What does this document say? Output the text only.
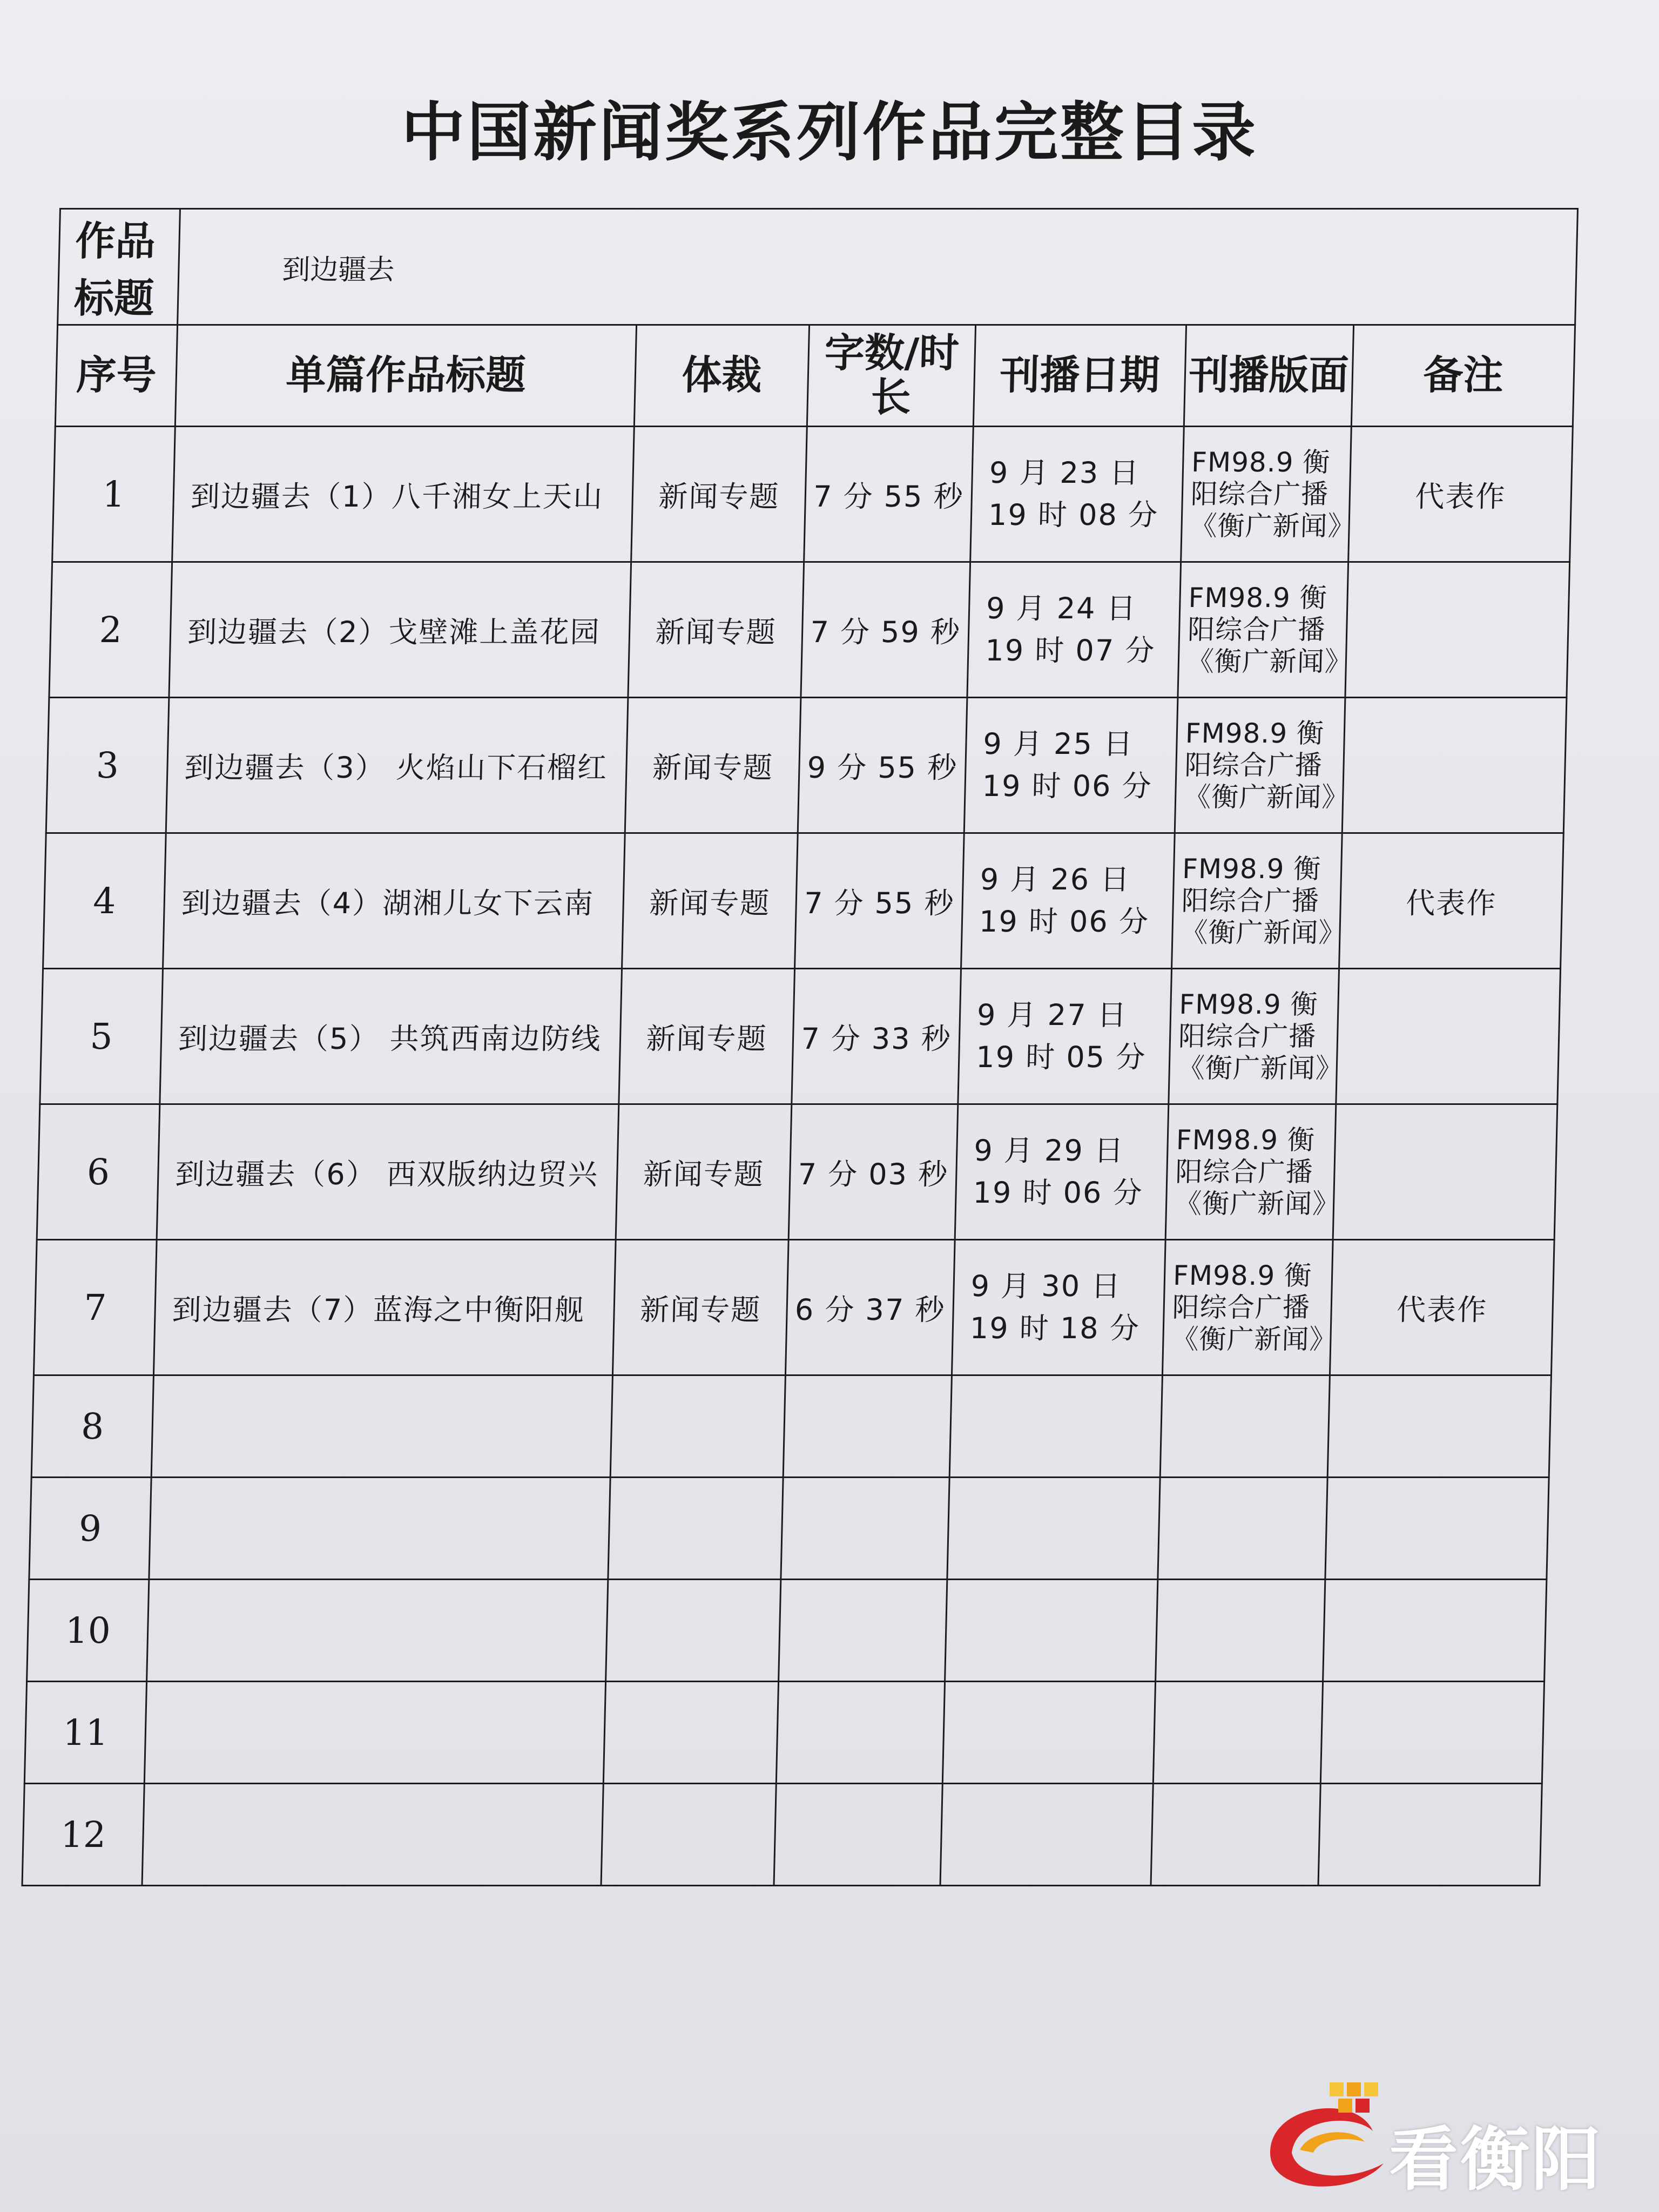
中国新闻奖系列作品完整目录
作品标题	到边疆去					
序号	单篇作品标题	体裁	字数/时长	刊播日期	刊播版面	备注
1	到边疆去（1）八千湘女上天山	新闻专题	7 分 55 秒	9 月 23 日
19 时 08 分	FM98.9 衡阳综合广播《衡广新闻》	代表作
2	到边疆去（2）戈壁滩上盖花园	新闻专题	7 分 59 秒	9 月 24 日
19 时 07 分	FM98.9 衡阳综合广播《衡广新闻》	
3	到边疆去（3） 火焰山下石榴红	新闻专题	9 分 55 秒	9 月 25 日
19 时 06 分	FM98.9 衡阳综合广播《衡广新闻》	
4	到边疆去（4）湖湘儿女下云南	新闻专题	7 分 55 秒	9 月 26 日
19 时 06 分	FM98.9 衡阳综合广播《衡广新闻》	代表作
5	到边疆去（5） 共筑西南边防线	新闻专题	7 分 33 秒	9 月 27 日
19 时 05 分	FM98.9 衡阳综合广播《衡广新闻》	
6	到边疆去（6） 西双版纳边贸兴	新闻专题	7 分 03 秒	9 月 29 日
19 时 06 分	FM98.9 衡阳综合广播《衡广新闻》	
7	到边疆去（7）蓝海之中衡阳舰	新闻专题	6 分 37 秒	9 月 30 日
19 时 18 分	FM98.9 衡阳综合广播《衡广新闻》	代表作
8						
9						
10						
11						
12						
看衡阳
